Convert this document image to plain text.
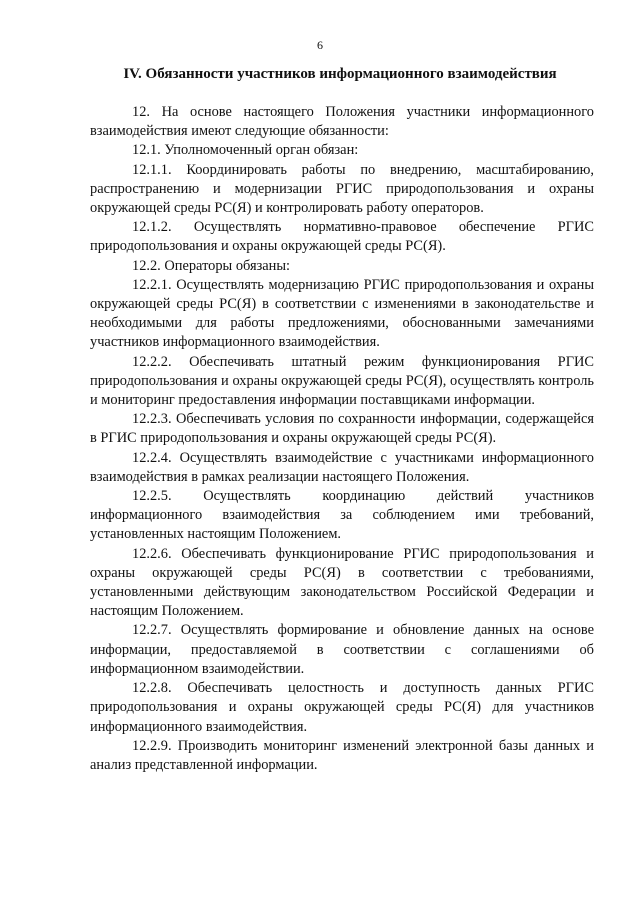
6
IV. Обязанности участников информационного взаимодействия

12. На основе настоящего Положения участники информационного взаимодействия имеют следующие обязанности:

12.1. Уполномоченный орган обязан:

12.1.1. Координировать работы по внедрению, масштабированию, распространению и модернизации РГИС природопользования и охраны окружающей среды РС(Я) и контролировать работу операторов.

12.1.2. Осуществлять нормативно-правовое обеспечение РГИС природопользования и охраны окружающей среды РС(Я).

12.2. Операторы обязаны:

12.2.1. Осуществлять модернизацию РГИС природопользования и охраны окружающей среды РС(Я) в соответствии с изменениями в законодательстве и необходимыми для работы предложениями, обоснованными замечаниями участников информационного взаимодействия.

12.2.2. Обеспечивать штатный режим функционирования РГИС природопользования и охраны окружающей среды РС(Я), осуществлять контроль и мониторинг предоставления информации поставщиками информации.

12.2.3. Обеспечивать условия по сохранности информации, содержащейся в РГИС природопользования и охраны окружающей среды РС(Я).

12.2.4. Осуществлять взаимодействие с участниками информационного взаимодействия в рамках реализации настоящего Положения.

12.2.5. Осуществлять координацию действий участников информационного взаимодействия за соблюдением ими требований, установленных настоящим Положением.

12.2.6. Обеспечивать функционирование РГИС природопользования и охраны окружающей среды РС(Я) в соответствии с требованиями, установленными действующим законодательством Российской Федерации и настоящим Положением.

12.2.7. Осуществлять формирование и обновление данных на основе информации, предоставляемой в соответствии с соглашениями об информационном взаимодействии.

12.2.8. Обеспечивать целостность и доступность данных РГИС природопользования и охраны окружающей среды РС(Я) для участников информационного взаимодействия.

12.2.9. Производить мониторинг изменений электронной базы данных и анализ представленной информации.
